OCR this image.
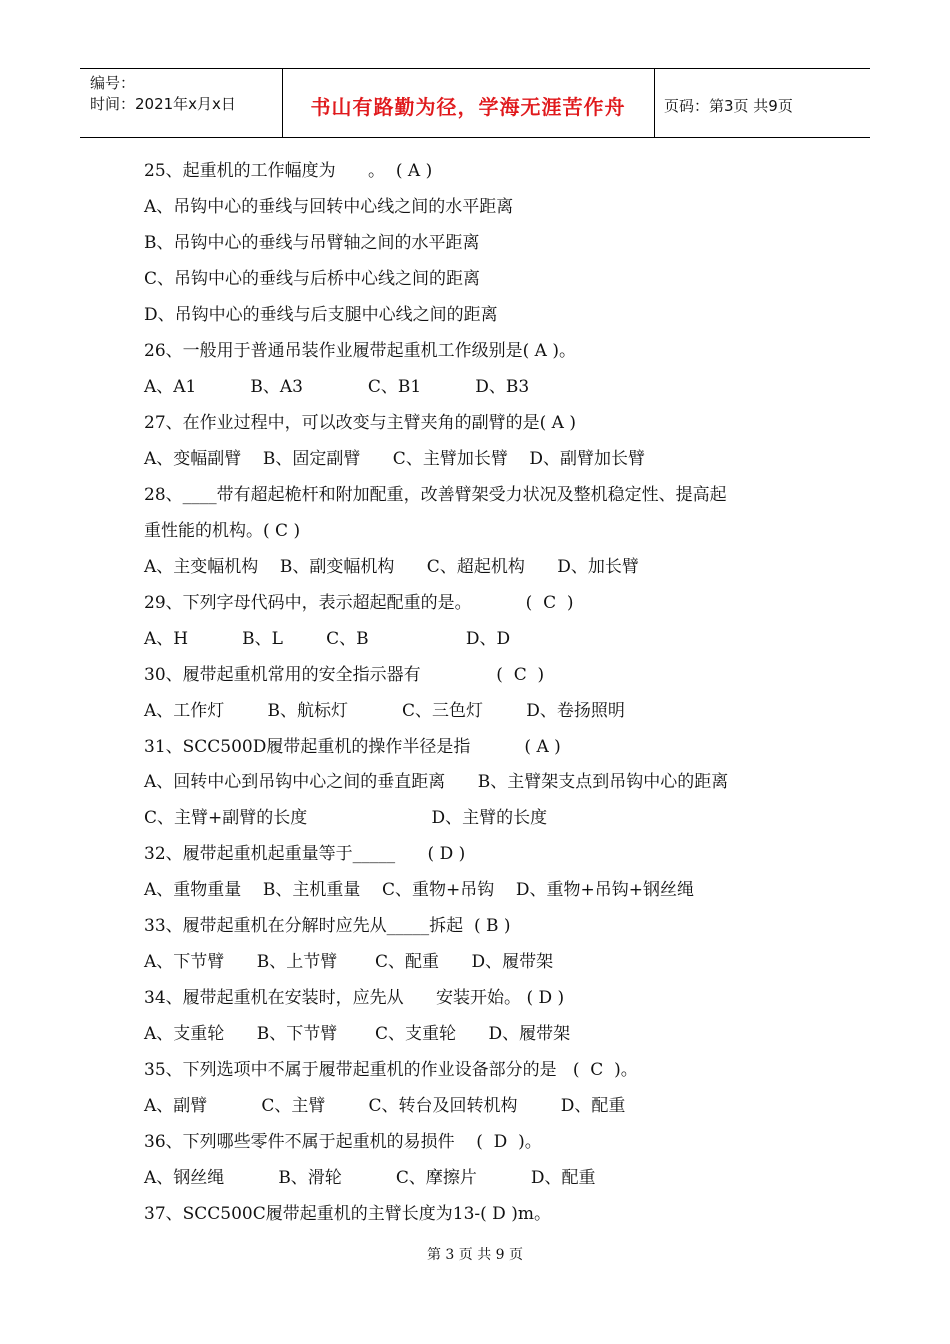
编号：
时间：2021年x月x日	书山有路勤为径，学海无涯苦作舟	页码：第3页 共9页
25、起重机的工作幅度为      。  ( A )
A、吊钩中心的垂线与回转中心线之间的水平距离
B、吊钩中心的垂线与吊臂轴之间的水平距离
C、吊钩中心的垂线与后桥中心线之间的距离
D、吊钩中心的垂线与后支腿中心线之间的距离
26、一般用于普通吊装作业履带起重机工作级别是( A )。
A、A1          B、A3            C、B1          D、B3
27、在作业过程中，可以改变与主臂夹角的副臂的是( A )
A、变幅副臂    B、固定副臂      C、主臂加长臂    D、副臂加长臂
28、____带有超起桅杆和附加配重，改善臂架受力状况及整机稳定性、提高起
重性能的机构。( C )
A、主变幅机构    B、副变幅机构      C、超起机构      D、加长臂
29、下列字母代码中，表示超起配重的是。          (  C  )
A、H          B、L        C、B                  D、D
30、履带起重机常用的安全指示器有              (  C  )
A、工作灯        B、航标灯          C、三色灯        D、卷扬照明
31、SCC500D履带起重机的操作半径是指          ( A )
A、回转中心到吊钩中心之间的垂直距离      B、主臂架支点到吊钩中心的距离
C、主臂+副臂的长度                       D、主臂的长度
32、履带起重机起重量等于_____      ( D )
A、重物重量    B、主机重量    C、重物+吊钩    D、重物+吊钩+钢丝绳
33、履带起重机在分解时应先从_____拆起  ( B )
A、下节臂      B、上节臂       C、配重      D、履带架
34、履带起重机在安装时，应先从      安装开始。 ( D )
A、支重轮      B、下节臂       C、支重轮      D、履带架
35、下列选项中不属于履带起重机的作业设备部分的是   (  C  )。
A、副臂          C、主臂        C、转台及回转机构        D、配重
36、下列哪些零件不属于起重机的易损件    (  D  )。
A、钢丝绳          B、滑轮          C、摩擦片          D、配重
37、SCC500C履带起重机的主臂长度为13-( D )m。
第 3 页 共 9 页
